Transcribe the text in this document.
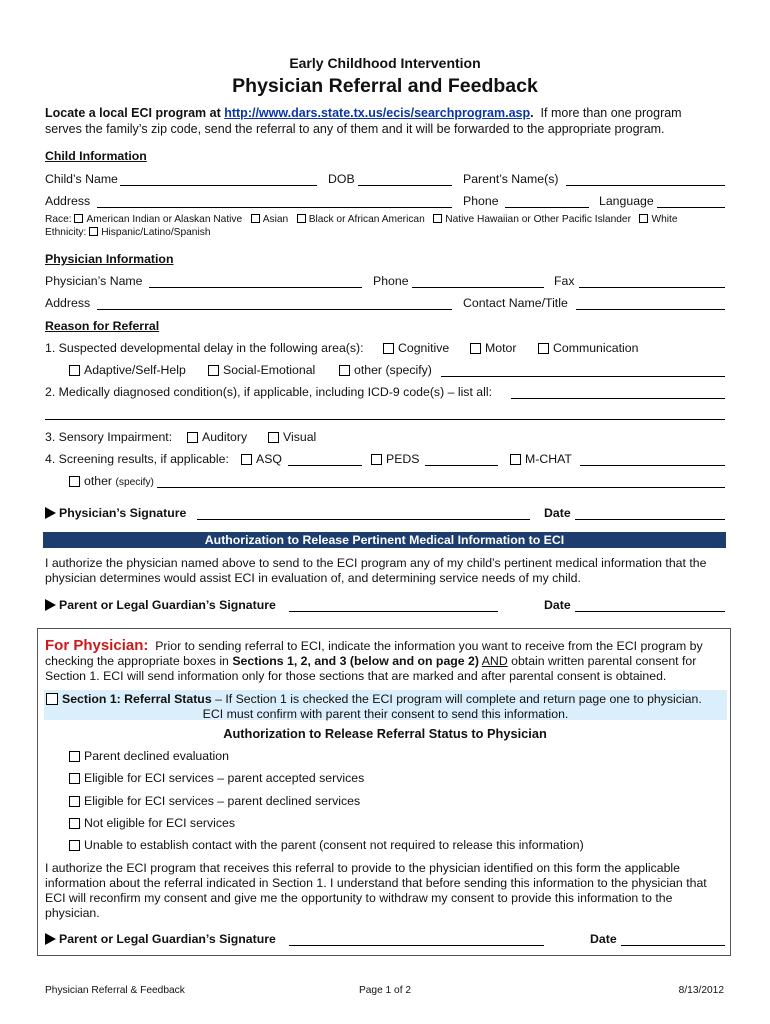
Early Childhood Intervention
Physician Referral and Feedback
Locate a local ECI program at http://www.dars.state.tx.us/ecis/searchprogram.asp. If more than one program
serves the family’s zip code, send the referral to any of them and it will be forwarded to the appropriate program.
Child Information
Child’s Name	DOB	Parent’s Name(s)
Address	Phone	Language
Race: American Indian or Alaskan Native Asian Black or African American Native Hawaiian or Other Pacific Islander White
Ethnicity: Hispanic/Latino/Spanish
Physician Information
Physician’s Name	Phone	Fax
Address	Contact Name/Title
Reason for Referral
1. Suspected developmental delay in the following area(s):	Cognitive	Motor	Communication
Adaptive/Self-Help	Social-Emotional	other (specify)
2. Medically diagnosed condition(s), if applicable, including ICD-9 code(s) – list all:
3. Sensory Impairment:	Auditory	Visual
4. Screening results, if applicable:	ASQ	PEDS	M-CHAT
other (specify)
Physician’s Signature	Date
Authorization to Release Pertinent Medical Information to ECI

I authorize the physician named above to send to the ECI program any of my child’s pertinent medical information that the physician determines would assist ECI in evaluation of, and determining service needs of my child.

Parent or Legal Guardian’s Signature	Date

For Physician: Prior to sending referral to ECI, indicate the information you want to receive from the ECI program by checking the appropriate boxes in Sections 1, 2, and 3 (below and on page 2) AND obtain written parental consent for Section 1. ECI will send information only for those sections that are marked and after parental consent is obtained.

Section 1: Referral Status – If Section 1 is checked the ECI program will complete and return page one to physician.
ECI must confirm with parent their consent to send this information.
Authorization to Release Referral Status to Physician
Parent declined evaluation
Eligible for ECI services – parent accepted services
Eligible for ECI services – parent declined services
Not eligible for ECI services
Unable to establish contact with the parent (consent not required to release this information)

I authorize the ECI program that receives this referral to provide to the physician identified on this form the applicable information about the referral indicated in Section 1. I understand that before sending this information to the physician that ECI will reconfirm my consent and give me the opportunity to withdraw my consent to provide this information to the physician.

Parent or Legal Guardian’s Signature	Date
Physician Referral & Feedback	Page 1 of 2	8/13/2012
